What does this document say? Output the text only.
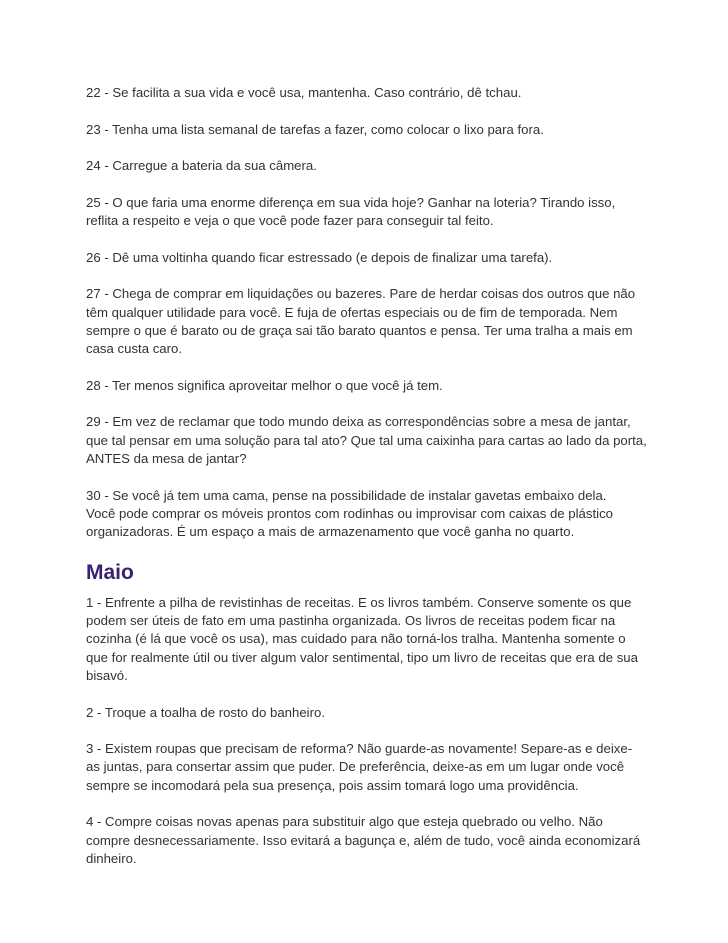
22 - Se facilita a sua vida e você usa, mantenha. Caso contrário, dê tchau.

23 - Tenha uma lista semanal de tarefas a fazer, como colocar o lixo para fora.

24 - Carregue a bateria da sua câmera.

25 - O que faria uma enorme diferença em sua vida hoje? Ganhar na loteria? Tirando isso,
reflita a respeito e veja o que você pode fazer para conseguir tal feito.

26 - Dê uma voltinha quando ficar estressado (e depois de finalizar uma tarefa).

27 - Chega de comprar em liquidações ou bazeres. Pare de herdar coisas dos outros que não
têm qualquer utilidade para você. E fuja de ofertas especiais ou de fim de temporada. Nem
sempre o que é barato ou de graça sai tão barato quantos e pensa. Ter uma tralha a mais em
casa custa caro.

28 - Ter menos significa aproveitar melhor o que você já tem.

29 - Em vez de reclamar que todo mundo deixa as correspondências sobre a mesa de jantar,
que tal pensar em uma solução para tal ato? Que tal uma caixinha para cartas ao lado da porta,
ANTES da mesa de jantar?

30 - Se você já tem uma cama, pense na possibilidade de instalar gavetas embaixo dela.
Você pode comprar os móveis prontos com rodinhas ou improvisar com caixas de plástico
organizadoras. É um espaço a mais de armazenamento que você ganha no quarto.

Maio

1 - Enfrente a pilha de revistinhas de receitas. E os livros também. Conserve somente os que
podem ser úteis de fato em uma pastinha organizada. Os livros de receitas podem ficar na
cozinha (é lá que você os usa), mas cuidado para não torná-los tralha. Mantenha somente o
que for realmente útil ou tiver algum valor sentimental, tipo um livro de receitas que era de sua
bisavó.

2 - Troque a toalha de rosto do banheiro.

3 - Existem roupas que precisam de reforma? Não guarde-as novamente! Separe-as e deixe-
as juntas, para consertar assim que puder. De preferência, deixe-as em um lugar onde você
sempre se incomodará pela sua presença, pois assim tomará logo uma providência.

4 - Compre coisas novas apenas para substituir algo que esteja quebrado ou velho. Não
compre desnecessariamente. Isso evitará a bagunça e, além de tudo, você ainda economizará
dinheiro.
